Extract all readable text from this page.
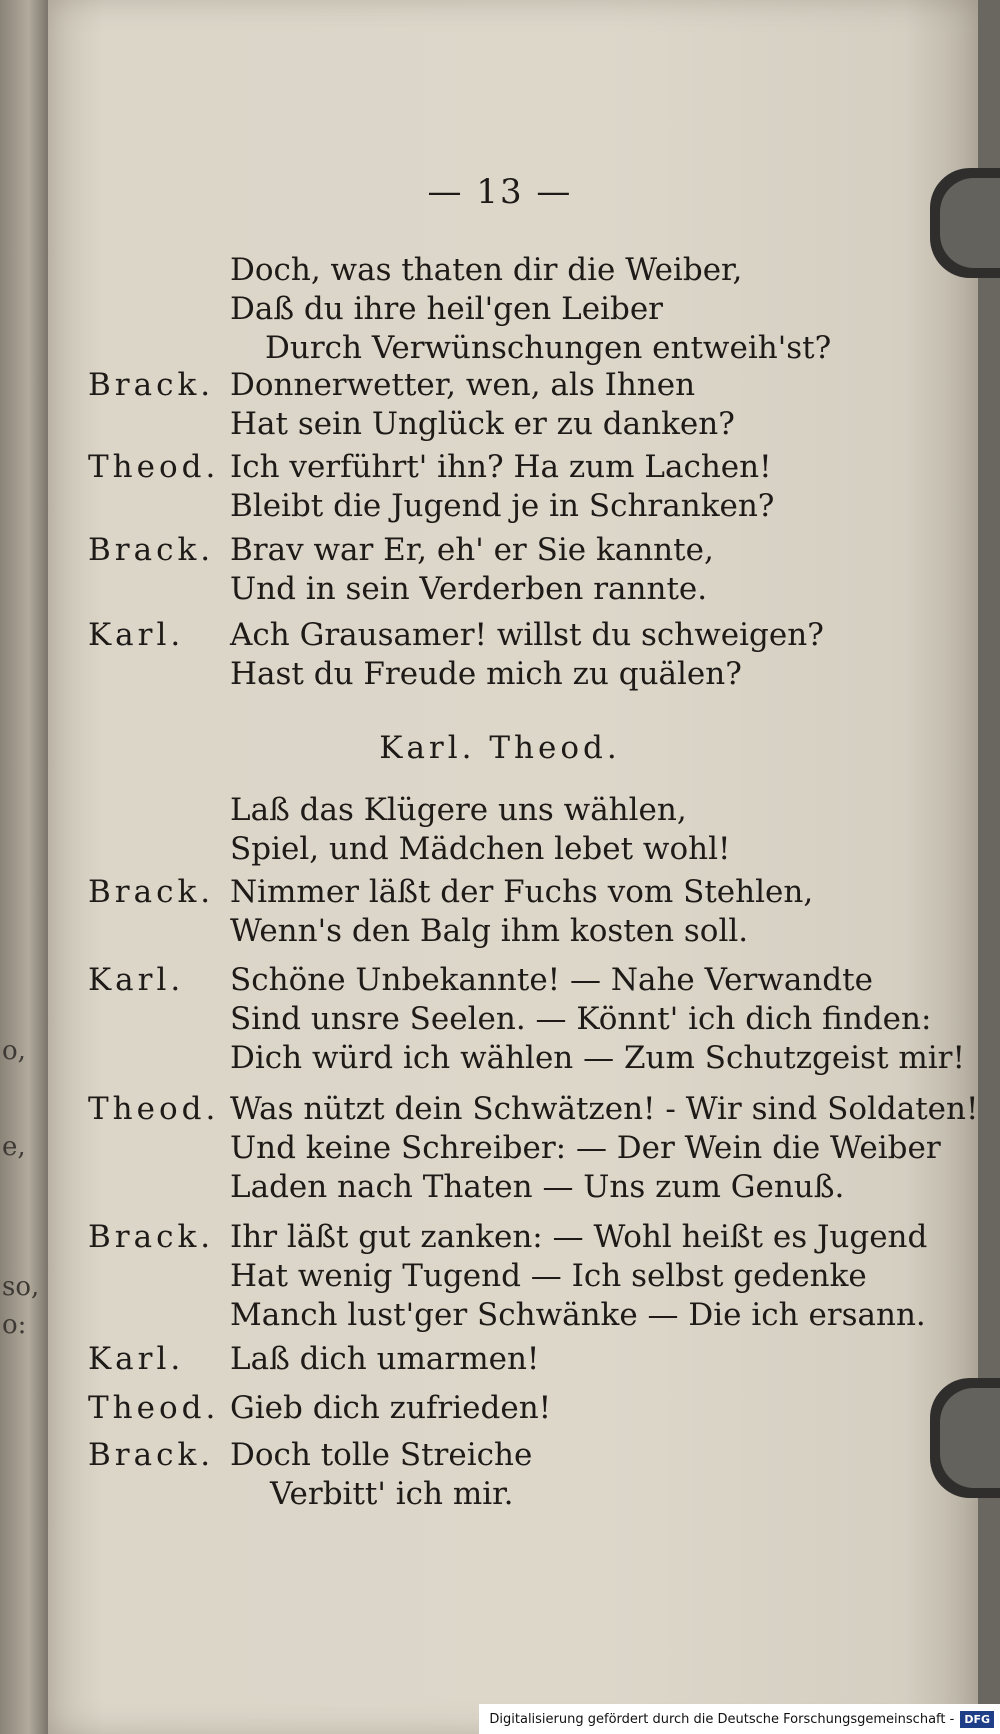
o,
e,
so,
o:
— 13 —
Doch, was thaten dir die Weiber,
Daß du ihre heil'gen Leiber
Durch Verwünschungen entweih'st?
Brack. Donnerwetter, wen, als Ihnen
Hat sein Unglück er zu danken?
Theod. Ich verführt' ihn? Ha zum Lachen!
Bleibt die Jugend je in Schranken?
Brack. Brav war Er, eh' er Sie kannte,
Und in sein Verderben rannte.
Karl. Ach Grausamer! willst du schweigen?
Hast du Freude mich zu quälen?
Karl. Theod.
Laß das Klügere uns wählen,
Spiel, und Mädchen lebet wohl!
Brack. Nimmer läßt der Fuchs vom Stehlen,
Wenn's den Balg ihm kosten soll.
Karl. Schöne Unbekannte! — Nahe Verwandte
Sind unsre Seelen. — Könnt' ich dich finden:
Dich würd ich wählen — Zum Schutzgeist mir!
Theod. Was nützt dein Schwätzen! - Wir sind Soldaten!
Und keine Schreiber: — Der Wein die Weiber
Laden nach Thaten — Uns zum Genuß.
Brack. Ihr läßt gut zanken: — Wohl heißt es Jugend
Hat wenig Tugend — Ich selbst gedenke
Manch lust'ger Schwänke — Die ich ersann.
Karl. Laß dich umarmen!
Theod. Gieb dich zufrieden!
Brack. Doch tolle Streiche
Verbitt' ich mir.
Digitalisierung gefördert durch die Deutsche Forschungsgemeinschaft - DFG
